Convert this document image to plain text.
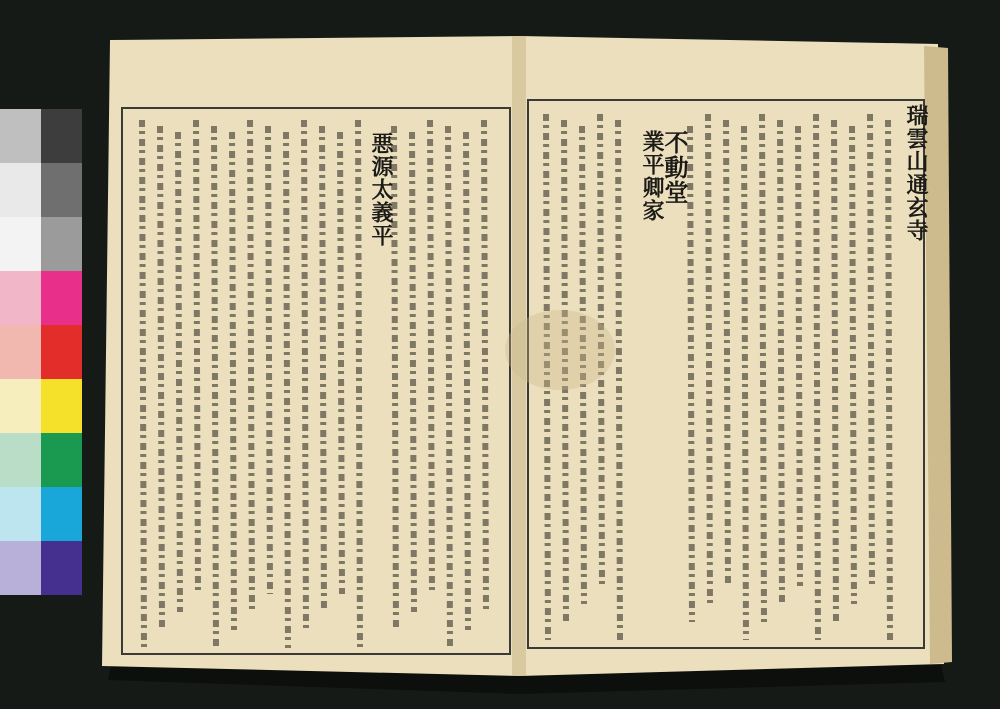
悪源太義平	瑞雲山通玄寺
不動堂
業平卿家
